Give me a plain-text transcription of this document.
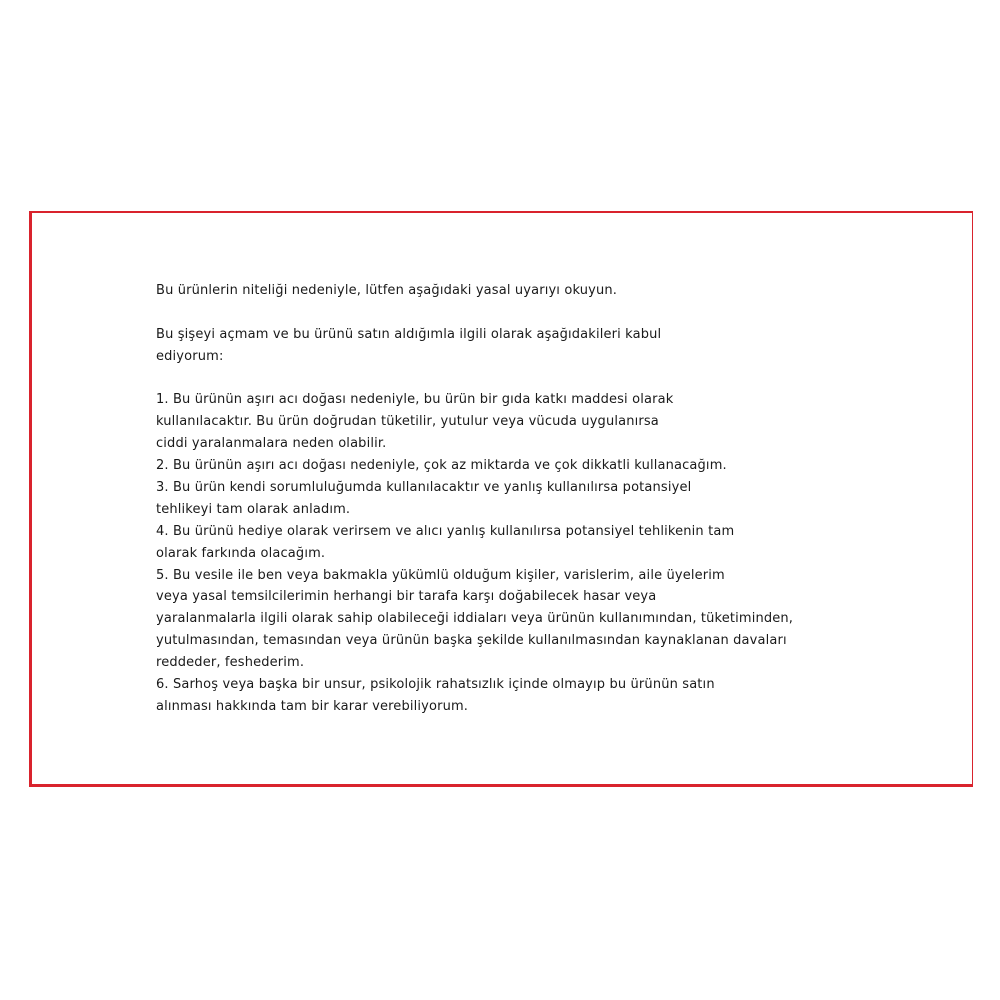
Bu ürünlerin niteliği nedeniyle, lütfen aşağıdaki yasal uyarıyı okuyun.
Bu şişeyi açmam ve bu ürünü satın aldığımla ilgili olarak aşağıdakileri kabul
ediyorum:
1. Bu ürünün aşırı acı doğası nedeniyle, bu ürün bir gıda katkı maddesi olarak
kullanılacaktır. Bu ürün doğrudan tüketilir, yutulur veya vücuda uygulanırsa
ciddi yaralanmalara neden olabilir.
2. Bu ürünün aşırı acı doğası nedeniyle, çok az miktarda ve çok dikkatli kullanacağım.
3. Bu ürün kendi sorumluluğumda kullanılacaktır ve yanlış kullanılırsa potansiyel
tehlikeyi tam olarak anladım.
4. Bu ürünü hediye olarak verirsem ve alıcı yanlış kullanılırsa potansiyel tehlikenin tam
olarak farkında olacağım.
5. Bu vesile ile ben veya bakmakla yükümlü olduğum kişiler, varislerim, aile üyelerim
veya yasal temsilcilerimin herhangi bir tarafa karşı doğabilecek hasar veya
yaralanmalarla ilgili olarak sahip olabileceği iddiaları veya ürünün kullanımından, tüketiminden,
yutulmasından, temasından veya ürünün başka şekilde kullanılmasından kaynaklanan davaları
reddeder, feshederim.
6. Sarhoş veya başka bir unsur, psikolojik rahatsızlık içinde olmayıp bu ürünün satın
alınması hakkında tam bir karar verebiliyorum.
